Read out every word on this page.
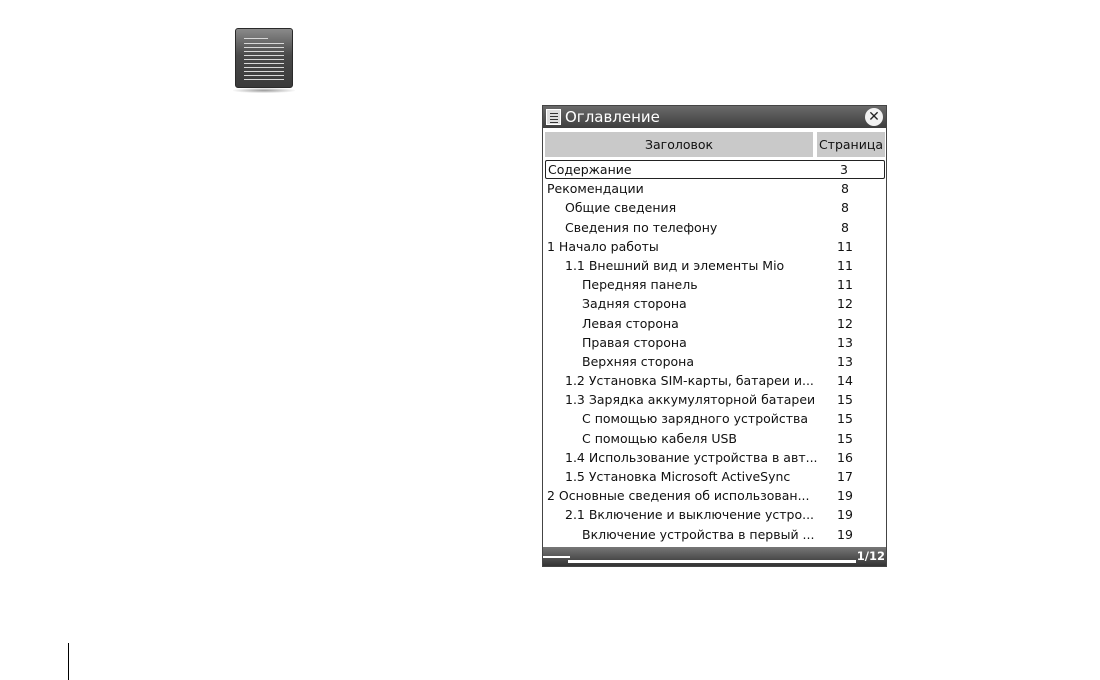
Оглавление	✕
Заголовок	Страница
Содержание	3
Рекомендации	8
Общие сведения	8
Сведения по телефону	8
1 Начало работы	11
1.1 Внешний вид и элементы Mio	11
Передняя панель	11
Задняя сторона	12
Левая сторона	12
Правая сторона	13
Верхняя сторона	13
1.2 Установка SIM-карты, батареи и...	14
1.3 Зарядка аккумуляторной батареи	15
С помощью зарядного устройства	15
С помощью кабеля USB	15
1.4 Использование устройства в авт...	16
1.5 Установка Microsoft ActiveSync	17
2 Основные сведения об использован...	19
2.1 Включение и выключение устро...	19
Включение устройства в первый ...	19
1/12
